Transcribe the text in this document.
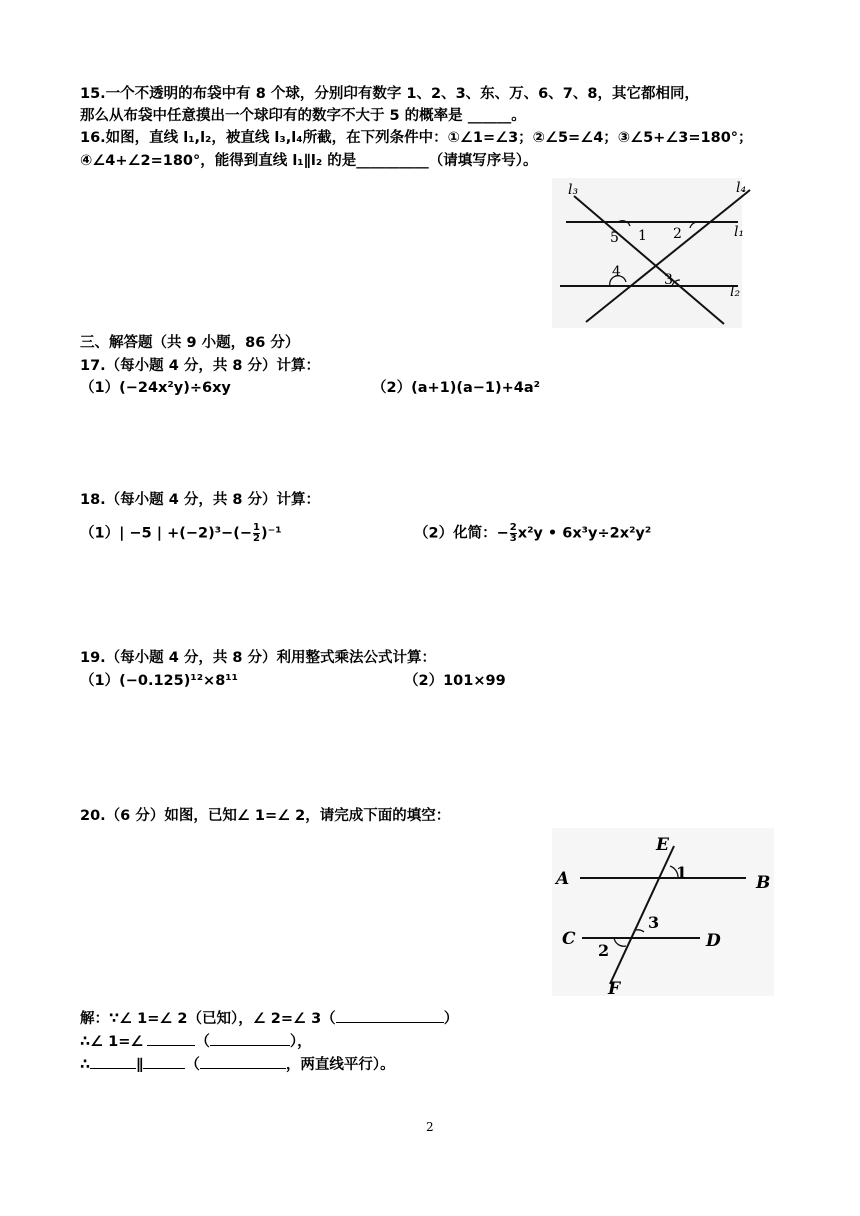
15.一个不透明的布袋中有 8 个球，分别印有数字 1、2、3、东、万、6、7、8，其它都相同，
那么从布袋中任意摸出一个球印有的数字不大于 5 的概率是 ______。
16.如图，直线 l₁,l₂，被直线 l₃,l₄所截，在下列条件中：①∠1=∠3；②∠5=∠4；③∠5+∠3=180°；
④∠4+∠2=180°，能得到直线 l₁∥l₂ 的是__________（请填写序号）。
l₃	l₄
l₁
l₂
1 2
3
4
5
三、解答题（共 9 小题，86 分）
17.（每小题 4 分，共 8 分）计算：
（1）(−24x²y)÷6xy	（2）(a+1)(a−1)+4a²
18.（每小题 4 分，共 8 分）计算：
（1）| −5 | $+(-2)^3-(- \frac{1}{2} )^{-1}$	（2）化简：− $\frac{2}{3} x^2y$ • 6x³y÷2x²y²
19.（每小题 4 分，共 8 分）利用整式乘法公式计算：
（1）(−0.125)¹²×8¹¹	（2）101×99
20.（6 分）如图，已知∠ 1=∠ 2，请完成下面的填空：
E
A	B
C	D
F
1
2
3
解：∵∠ 1=∠ 2（已知），∠ 2=∠ 3（	）
∴∠ 1=∠	（	），
∴	∥	（	，两直线平行）。
2
